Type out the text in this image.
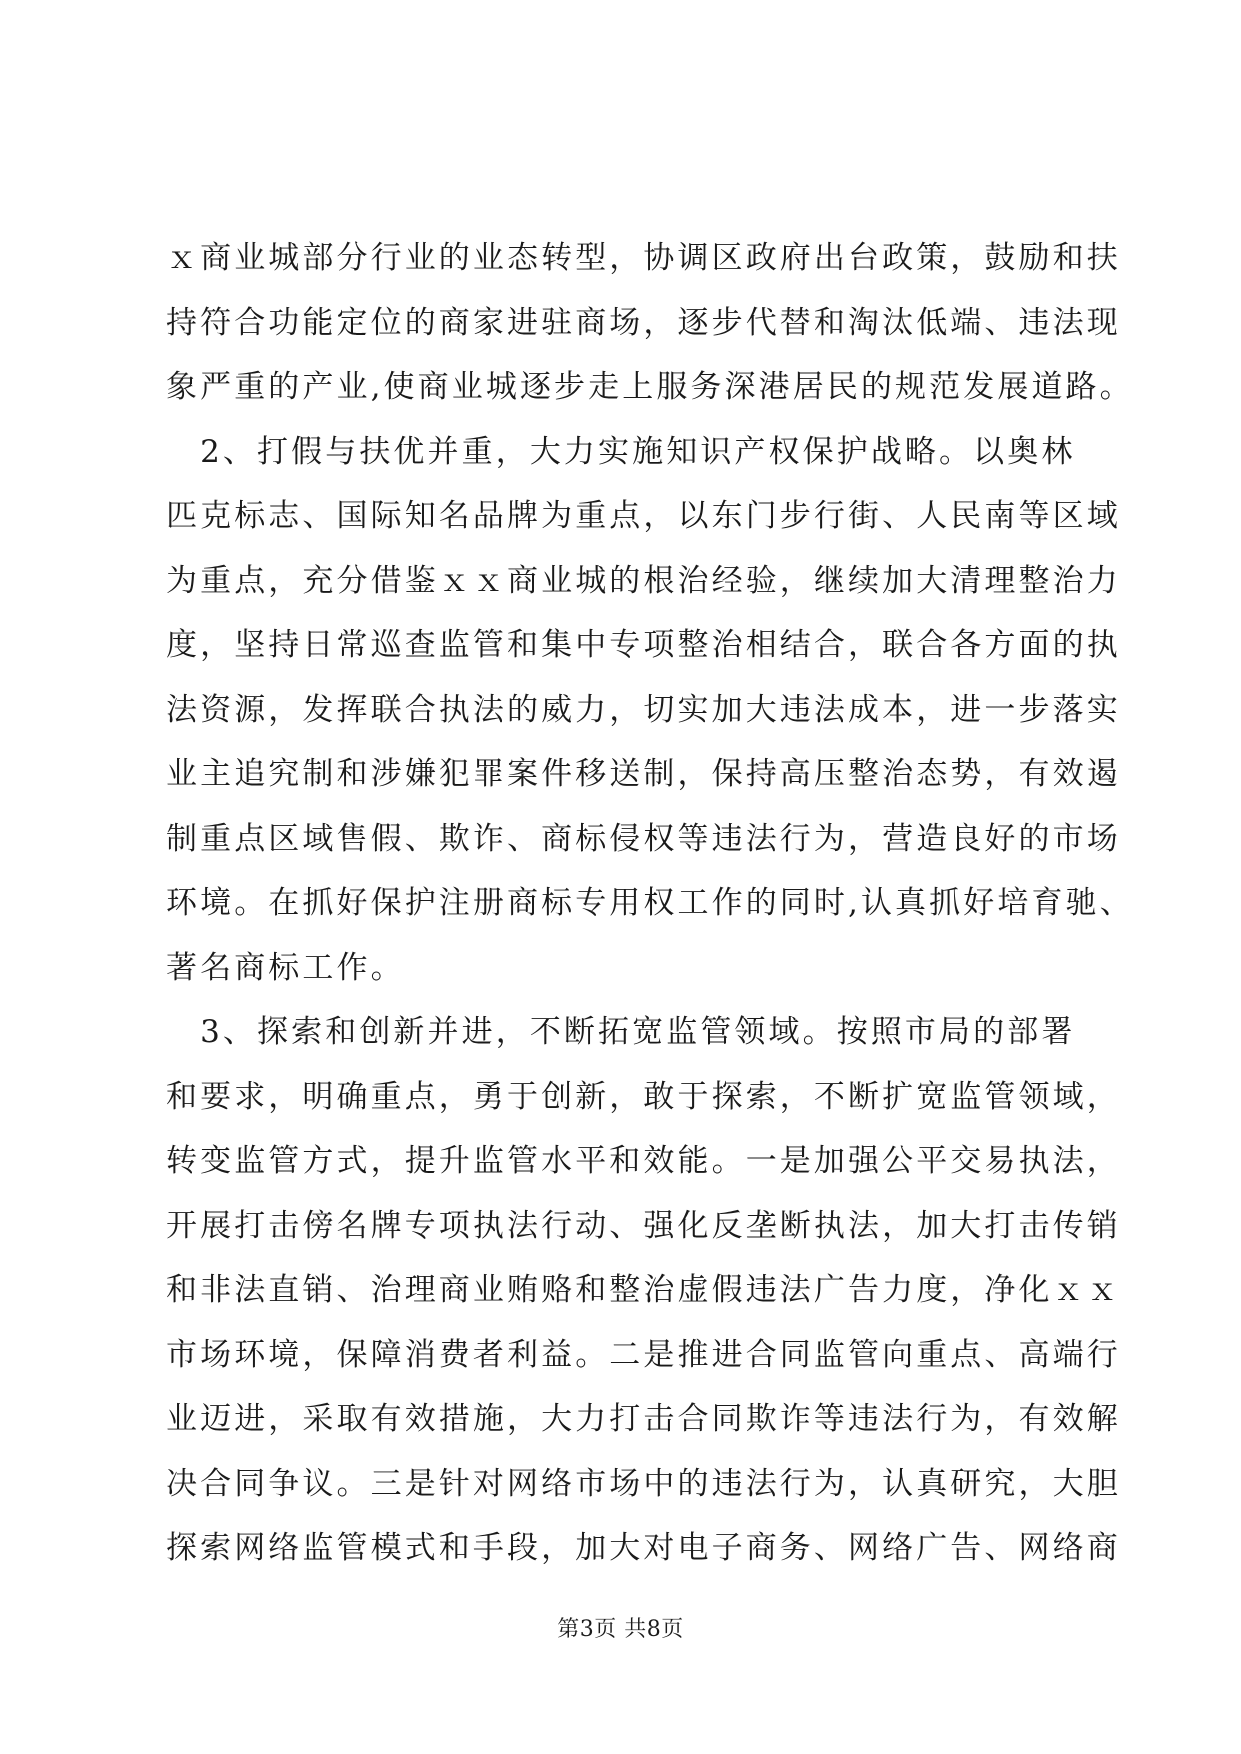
ｘ商业城部分行业的业态转型，协调区政府出台政策，鼓励和扶
持符合功能定位的商家进驻商场，逐步代替和淘汰低端、违法现
象严重的产业,使商业城逐步走上服务深港居民的规范发展道路。
　2、打假与扶优并重，大力实施知识产权保护战略。以奥林
匹克标志、国际知名品牌为重点，以东门步行街、人民南等区域
为重点，充分借鉴ｘｘ商业城的根治经验，继续加大清理整治力
度，坚持日常巡查监管和集中专项整治相结合，联合各方面的执
法资源，发挥联合执法的威力，切实加大违法成本，进一步落实
业主追究制和涉嫌犯罪案件移送制，保持高压整治态势，有效遏
制重点区域售假、欺诈、商标侵权等违法行为，营造良好的市场
环境。在抓好保护注册商标专用权工作的同时,认真抓好培育驰、
著名商标工作。
　3、探索和创新并进，不断拓宽监管领域。按照市局的部署
和要求，明确重点，勇于创新，敢于探索，不断扩宽监管领域，
转变监管方式，提升监管水平和效能。一是加强公平交易执法，
开展打击傍名牌专项执法行动、强化反垄断执法，加大打击传销
和非法直销、治理商业贿赂和整治虚假违法广告力度，净化ｘｘ
市场环境，保障消费者利益。二是推进合同监管向重点、高端行
业迈进，采取有效措施，大力打击合同欺诈等违法行为，有效解
决合同争议。三是针对网络市场中的违法行为，认真研究，大胆
探索网络监管模式和手段，加大对电子商务、网络广告、网络商
第3页 共8页
